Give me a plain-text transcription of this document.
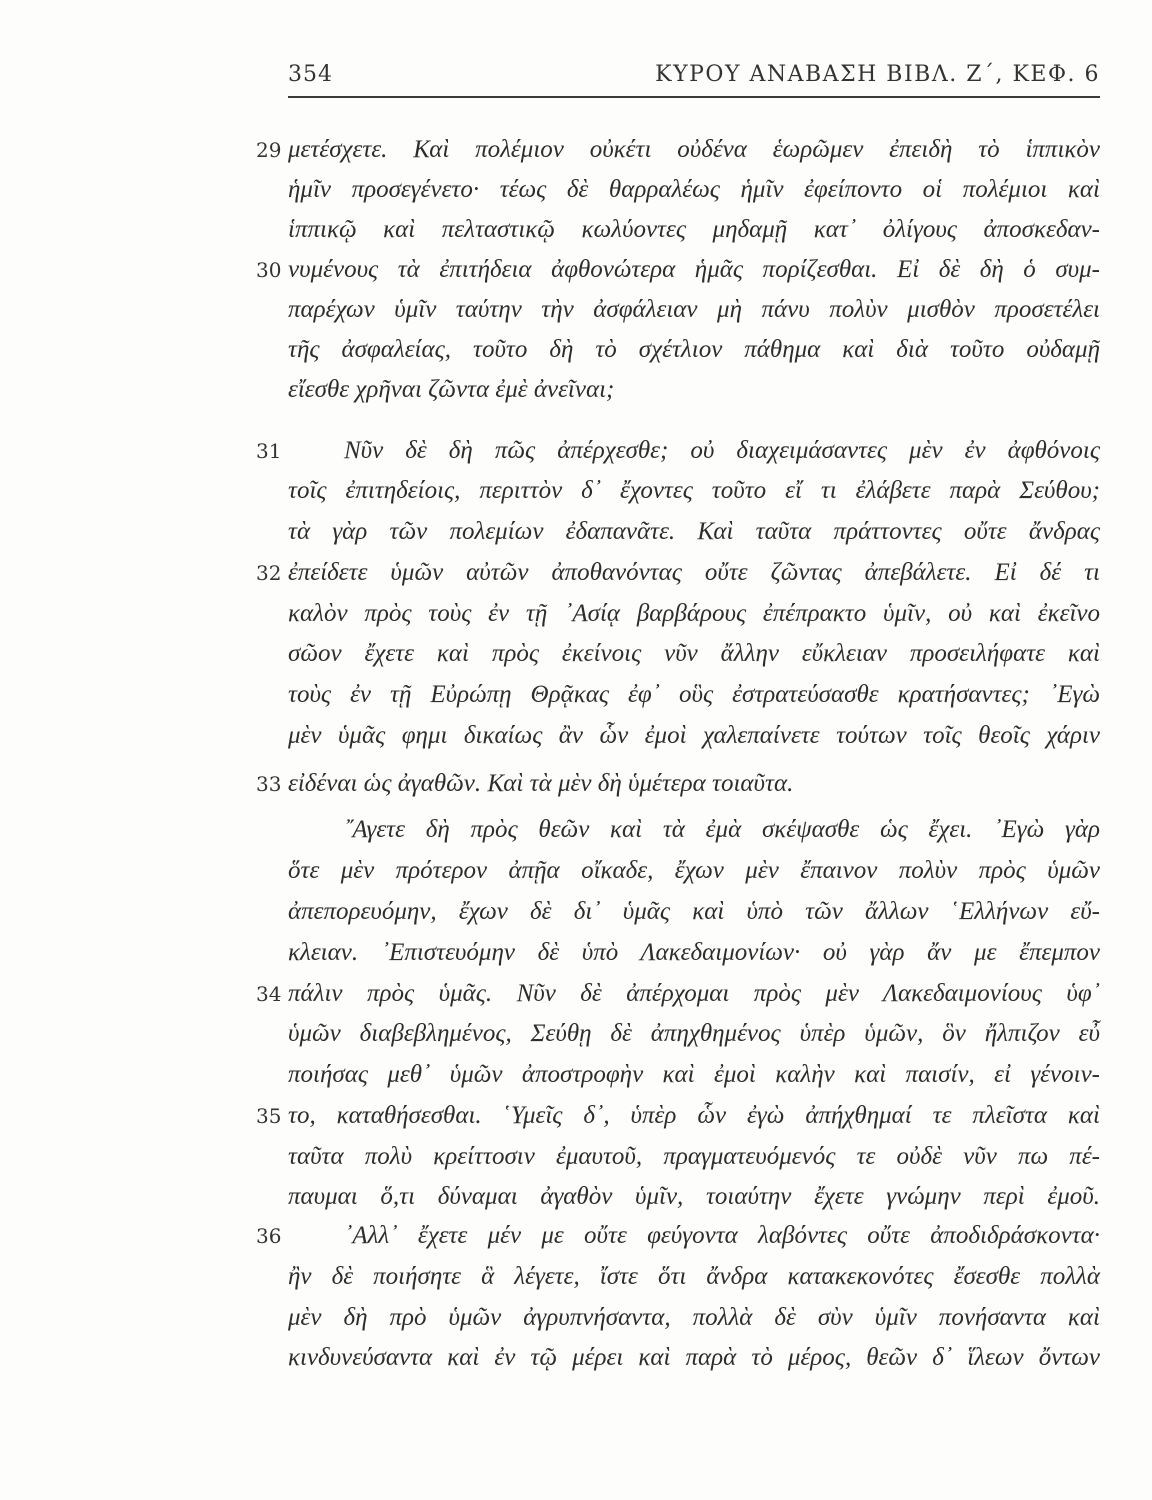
354	ΚΥΡΟΥ ΑΝΑΒΑΣΗ ΒΙΒΛ. Ζ΄, ΚΕΦ. 6
29
30
31
32
33
34
35
36
μετέσχετε. Καὶ πολέμιον οὐκέτι οὐδένα ἑωρῶμεν ἐπειδὴ τὸ ἱππικὸν
ἡμῖν προσεγένετο· τέως δὲ θαρραλέως ἡμῖν ἐφείποντο οἱ πολέμιοι καὶ
ἱππικῷ καὶ πελταστικῷ κωλύοντες μηδαμῇ κατ᾽ ὀλίγους ἀποσκεδαν-
νυμένους τὰ ἐπιτήδεια ἀφθονώτερα ἡμᾶς πορίζεσθαι. Εἰ δὲ δὴ ὁ συμ-
παρέχων ὑμῖν ταύτην τὴν ἀσφάλειαν μὴ πάνυ πολὺν μισθὸν προσετέλει
τῆς ἀσφαλείας, τοῦτο δὴ τὸ σχέτλιον πάθημα καὶ διὰ τοῦτο οὐδαμῇ
εἴεσθε χρῆναι ζῶντα ἐμὲ ἀνεῖναι;
Νῦν δὲ δὴ πῶς ἀπέρχεσθε; οὐ διαχειμάσαντες μὲν ἐν ἀφθόνοις
τοῖς ἐπιτηδείοις, περιττὸν δ᾽ ἔχοντες τοῦτο εἴ τι ἐλάβετε παρὰ Σεύθου;
τὰ γὰρ τῶν πολεμίων ἐδαπανᾶτε. Καὶ ταῦτα πράττοντες οὔτε ἄνδρας
ἐπείδετε ὑμῶν αὐτῶν ἀποθανόντας οὔτε ζῶντας ἀπεβάλετε. Εἰ δέ τι
καλὸν πρὸς τοὺς ἐν τῇ ᾽Ασίᾳ βαρβάρους ἐπέπρακτο ὑμῖν, οὐ καὶ ἐκεῖνο
σῶον ἔχετε καὶ πρὸς ἐκείνοις νῦν ἄλλην εὔκλειαν προσειλήφατε καὶ
τοὺς ἐν τῇ Εὐρώπῃ Θρᾷκας ἐφ᾽ οὓς ἐστρατεύσασθε κρατήσαντες; ᾽Εγὼ
μὲν ὑμᾶς φημι δικαίως ἂν ὧν ἐμοὶ χαλεπαίνετε τούτων τοῖς θεοῖς χάριν
εἰδέναι ὡς ἀγαθῶν. Καὶ τὰ μὲν δὴ ὑμέτερα τοιαῦτα.
῎Αγετε δὴ πρὸς θεῶν καὶ τὰ ἐμὰ σκέψασθε ὡς ἔχει. ᾽Εγὼ γὰρ
ὅτε μὲν πρότερον ἀπῇα οἴκαδε, ἔχων μὲν ἔπαινον πολὺν πρὸς ὑμῶν
ἀπεπορευόμην, ἔχων δὲ δι᾽ ὑμᾶς καὶ ὑπὸ τῶν ἄλλων ῾Ελλήνων εὔ-
κλειαν. ᾽Επιστευόμην δὲ ὑπὸ Λακεδαιμονίων· οὐ γὰρ ἄν με ἔπεμπον
πάλιν πρὸς ὑμᾶς. Νῦν δὲ ἀπέρχομαι πρὸς μὲν Λακεδαιμονίους ὑφ᾽
ὑμῶν διαβεβλημένος, Σεύθῃ δὲ ἀπηχθημένος ὑπὲρ ὑμῶν, ὃν ἤλπιζον εὖ
ποιήσας μεθ᾽ ὑμῶν ἀποστροφὴν καὶ ἐμοὶ καλὴν καὶ παισίν, εἰ γένοιν-
το, καταθήσεσθαι. ῾Υμεῖς δ᾽, ὑπὲρ ὧν ἐγὼ ἀπήχθημαί τε πλεῖστα καὶ
ταῦτα πολὺ κρείττοσιν ἐμαυτοῦ, πραγματευόμενός τε οὐδὲ νῦν πω πέ-
παυμαι ὅ,τι δύναμαι ἀγαθὸν ὑμῖν, τοιαύτην ἔχετε γνώμην περὶ ἐμοῦ.
᾽Αλλ᾽ ἔχετε μέν με οὔτε φεύγοντα λαβόντες οὔτε ἀποδιδράσκοντα·
ἢν δὲ ποιήσητε ἃ λέγετε, ἴστε ὅτι ἄνδρα κατακεκονότες ἔσεσθε πολλὰ
μὲν δὴ πρὸ ὑμῶν ἀγρυπνήσαντα, πολλὰ δὲ σὺν ὑμῖν πονήσαντα καὶ
κινδυνεύσαντα καὶ ἐν τῷ μέρει καὶ παρὰ τὸ μέρος, θεῶν δ᾽ ἵλεων ὄντων
